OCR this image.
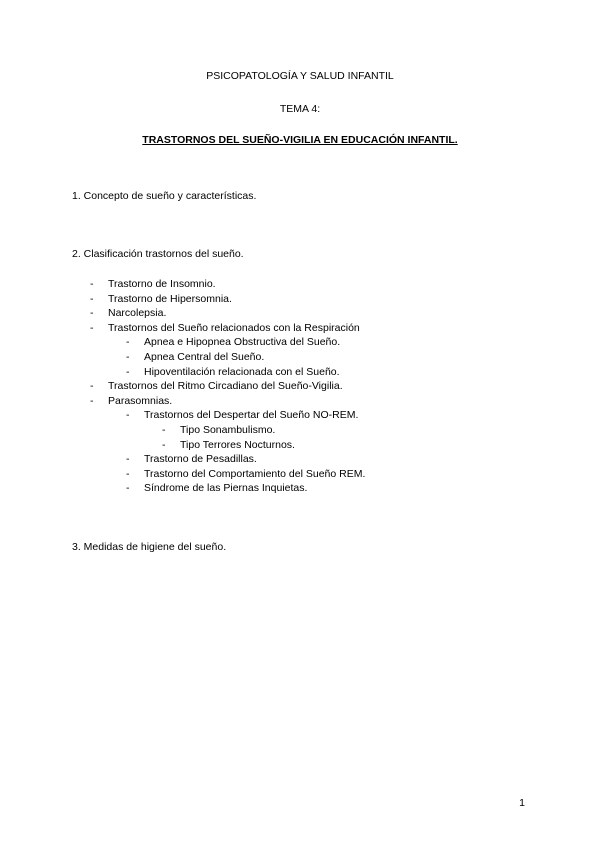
PSICOPATOLOGÍA Y SALUD INFANTIL
TEMA 4:
TRASTORNOS DEL SUEÑO-VIGILIA EN EDUCACIÓN INFANTIL.
1. Concepto de sueño y características.
2. Clasificación trastornos del sueño.
- Trastorno de Insomnio.
- Trastorno de Hipersomnia.
- Narcolepsia.
- Trastornos del Sueño relacionados con la Respiración
- Apnea e Hipopnea Obstructiva del Sueño.
- Apnea Central del Sueño.
- Hipoventilación relacionada con el Sueño.
- Trastornos del Ritmo Circadiano del Sueño-Vigilia.
- Parasomnias.
- Trastornos del Despertar del Sueño NO-REM.
- Tipo Sonambulismo.
- Tipo Terrores Nocturnos.
- Trastorno de Pesadillas.
- Trastorno del Comportamiento del Sueño REM.
- Síndrome de las Piernas Inquietas.
3. Medidas de higiene del sueño.
1
